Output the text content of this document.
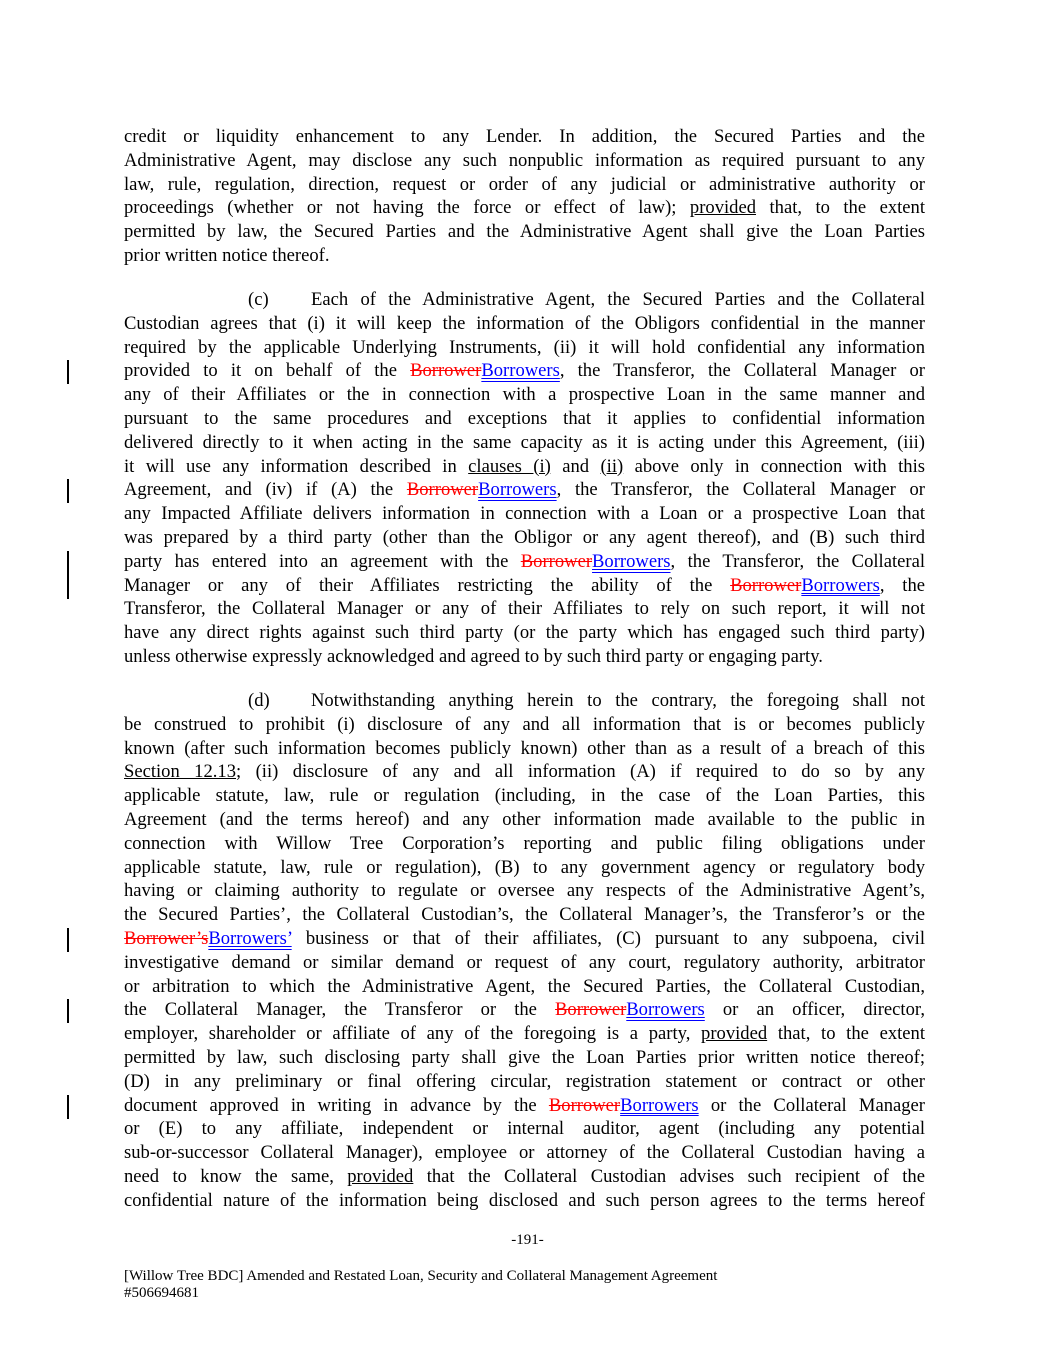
credit or liquidity enhancement to any Lender. In addition, the Secured Parties and the
Administrative Agent, may disclose any such nonpublic information as required pursuant to any
law, rule, regulation, direction, request or order of any judicial or administrative authority or
proceedings (whether or not having the force or effect of law); provided that, to the extent
permitted by law, the Secured Parties and the Administrative Agent shall give the Loan Parties
prior written notice thereof.
(c)	Each of the Administrative Agent, the Secured Parties and the Collateral
Custodian agrees that (i) it will keep the information of the Obligors confidential in the manner
required by the applicable Underlying Instruments, (ii) it will hold confidential any information
provided to it on behalf of the BorrowerBorrowers, the Transferor, the Collateral Manager or
any of their Affiliates or the in connection with a prospective Loan in the same manner and
pursuant to the same procedures and exceptions that it applies to confidential information
delivered directly to it when acting in the same capacity as it is acting under this Agreement, (iii)
it will use any information described in clauses (i) and (ii) above only in connection with this
Agreement, and (iv) if (A) the BorrowerBorrowers, the Transferor, the Collateral Manager or
any Impacted Affiliate delivers information in connection with a Loan or a prospective Loan that
was prepared by a third party (other than the Obligor or any agent thereof), and (B) such third
party has entered into an agreement with the BorrowerBorrowers, the Transferor, the Collateral
Manager or any of their Affiliates restricting the ability of the BorrowerBorrowers, the
Transferor, the Collateral Manager or any of their Affiliates to rely on such report, it will not
have any direct rights against such third party (or the party which has engaged such third party)
unless otherwise expressly acknowledged and agreed to by such third party or engaging party.
(d)	Notwithstanding anything herein to the contrary, the foregoing shall not
be construed to prohibit (i) disclosure of any and all information that is or becomes publicly
known (after such information becomes publicly known) other than as a result of a breach of this
Section 12.13; (ii) disclosure of any and all information (A) if required to do so by any
applicable statute, law, rule or regulation (including, in the case of the Loan Parties, this
Agreement (and the terms hereof) and any other information made available to the public in
connection with Willow Tree Corporation’s reporting and public filing obligations under
applicable statute, law, rule or regulation), (B) to any government agency or regulatory body
having or claiming authority to regulate or oversee any respects of the Administrative Agent’s,
the Secured Parties’, the Collateral Custodian’s, the Collateral Manager’s, the Transferor’s or the
Borrower’sBorrowers’ business or that of their affiliates, (C) pursuant to any subpoena, civil
investigative demand or similar demand or request of any court, regulatory authority, arbitrator
or arbitration to which the Administrative Agent, the Secured Parties, the Collateral Custodian,
the Collateral Manager, the Transferor or the BorrowerBorrowers or an officer, director,
employer, shareholder or affiliate of any of the foregoing is a party, provided that, to the extent
permitted by law, such disclosing party shall give the Loan Parties prior written notice thereof;
(D) in any preliminary or final offering circular, registration statement or contract or other
document approved in writing in advance by the BorrowerBorrowers or the Collateral Manager
or (E) to any affiliate, independent or internal auditor, agent (including any potential
sub-or-successor Collateral Manager), employee or attorney of the Collateral Custodian having a
need to know the same, provided that the Collateral Custodian advises such recipient of the
confidential nature of the information being disclosed and such person agrees to the terms hereof
-191-
[Willow Tree BDC] Amended and Restated Loan, Security and Collateral Management Agreement
#506694681
